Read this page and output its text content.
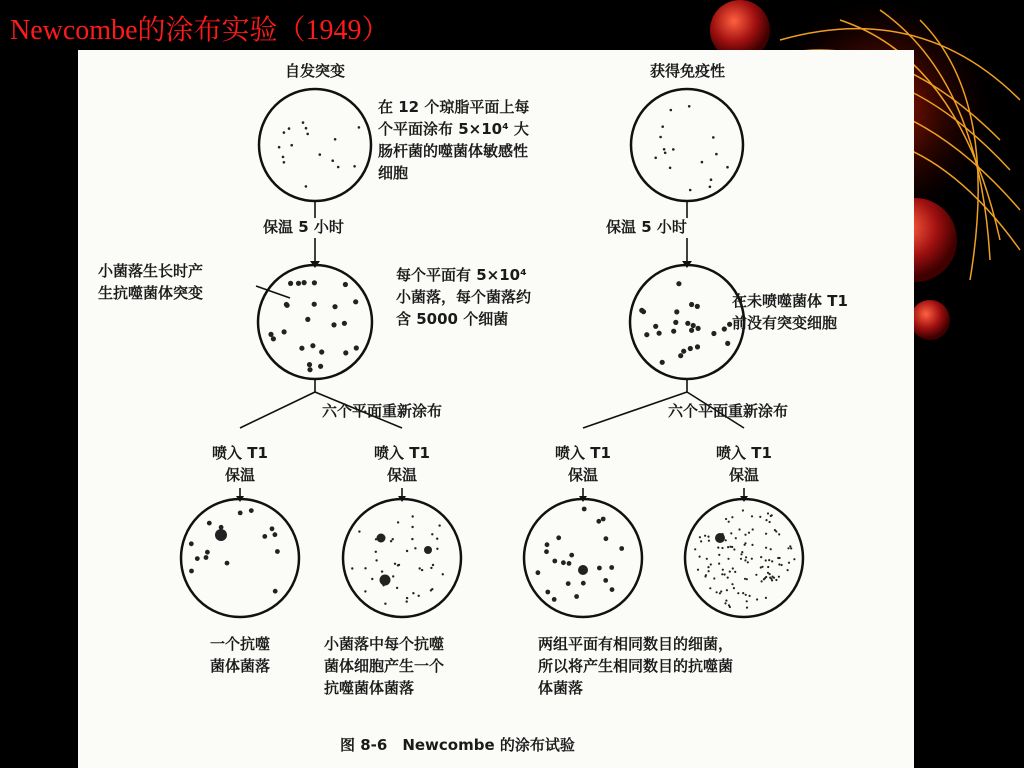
Newcombe的涂布实验（1949）
自发突变	获得免疫性
在 12 个琼脂平面上每
个平面涂布 5×10⁴ 大
肠杆菌的噬菌体敏感性
细胞
保温 5 小时	保温 5 小时
小菌落生长时产
生抗噬菌体突变
每个平面有 5×10⁴
小菌落，每个菌落约
含 5000 个细菌
在未喷噬菌体 T1
前没有突变细胞
六个平面重新涂布	六个平面重新涂布
喷入 T1
保温
喷入 T1
保温
喷入 T1
保温
喷入 T1
保温
一个抗噬
菌体菌落
小菌落中每个抗噬
菌体细胞产生一个
抗噬菌体菌落
两组平面有相同数目的细菌，
所以将产生相同数目的抗噬菌
体菌落
图 8-6　Newcombe 的涂布试验
